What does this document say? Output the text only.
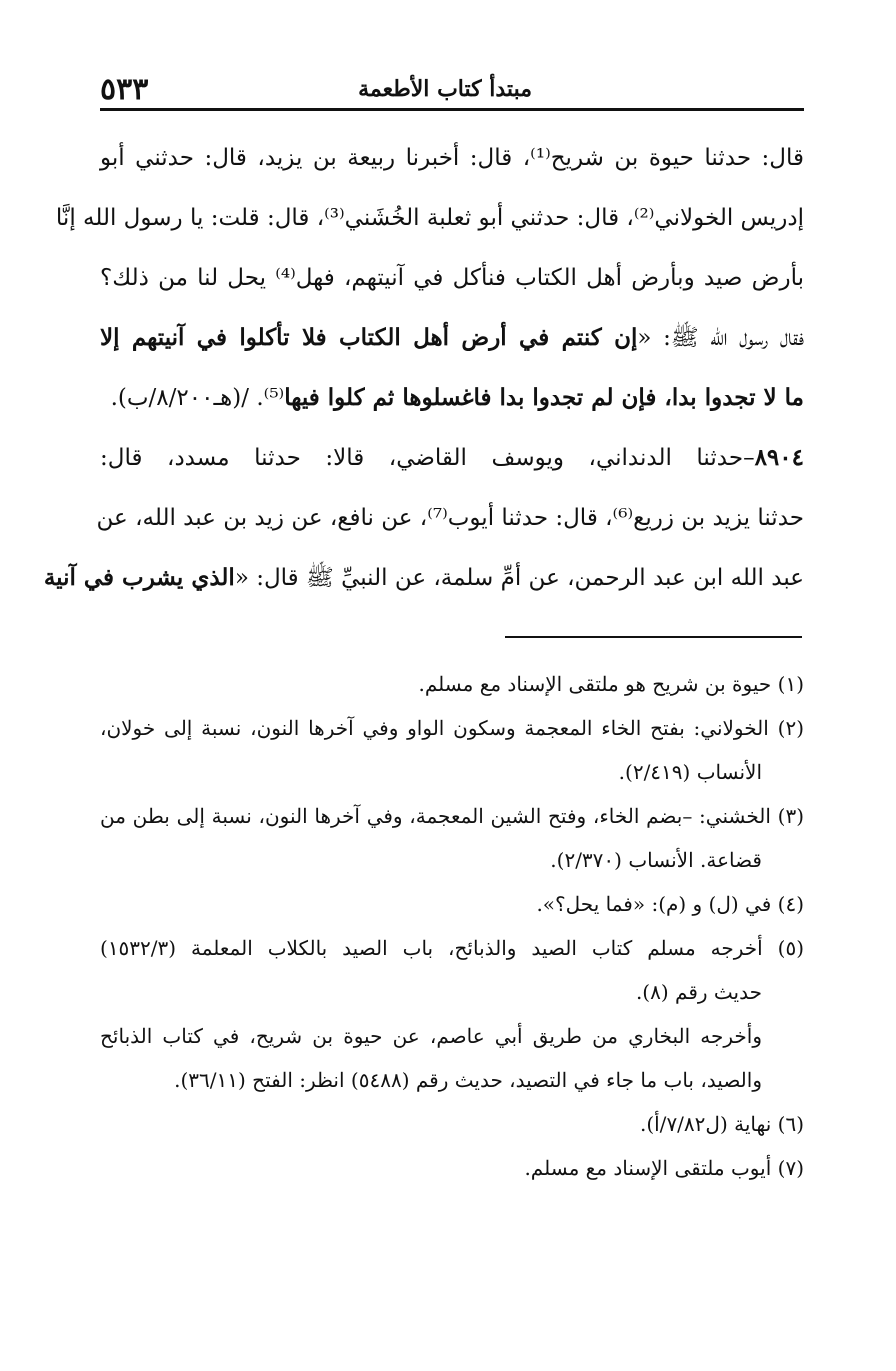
مبتدأ كتاب الأطعمة
٥٣٣
قال: حدثنا حيوة بن شريح⁽¹⁾، قال: أخبرنا ربيعة بن يزيد، قال: حدثني أبو
إدريس الخولاني⁽²⁾، قال: حدثني أبو ثعلبة الخُشَني⁽³⁾، قال: قلت: يا رسول الله إنَّا
بأرض صيد وبأرض أهل الكتاب فنأكل في آنيتهم، فهل⁽⁴⁾ يحل لنا من ذلك؟
فقال رسول الله ﷺ: «إن كنتم في أرض أهل الكتاب فلا تأكلوا في آنيتهم إلا
ما لا تجدوا بدا، فإن لم تجدوا بدا فاغسلوها ثم كلوا فيها⁽⁵⁾. /(هـ٨/٢٠٠/ب).
٨٩٠٤–حدثنا الدنداني، ويوسف القاضي، قالا: حدثنا مسدد، قال:
حدثنا يزيد بن زريع⁽⁶⁾، قال: حدثنا أيوب⁽⁷⁾، عن نافع، عن زيد بن عبد الله، عن
عبد الله ابن عبد الرحمن، عن أمِّ سلمة، عن النبيِّ ﷺ قال: «الذي يشرب في آنية
(١) حيوة بن شريح هو ملتقى الإسناد مع مسلم.
(٢) الخولاني: بفتح الخاء المعجمة وسكون الواو وفي آخرها النون، نسبة إلى خولان،
الأنساب (٢/٤١٩).
(٣) الخشني: –بضم الخاء، وفتح الشين المعجمة، وفي آخرها النون، نسبة إلى بطن من
قضاعة. الأنساب (٢/٣٧٠).
(٤) في (ل) و (م): «فما يحل؟».
(٥) أخرجه مسلم كتاب الصيد والذبائح، باب الصيد بالكلاب المعلمة (١٥٣٢/٣)
حديث رقم (٨).
وأخرجه البخاري من طريق أبي عاصم، عن حيوة بن شريح، في كتاب الذبائح
والصيد، باب ما جاء في التصيد، حديث رقم (٥٤٨٨) انظر: الفتح (٣٦/١١).
(٦) نهاية (ل٧/٨٢/أ).
(٧) أيوب ملتقى الإسناد مع مسلم.
